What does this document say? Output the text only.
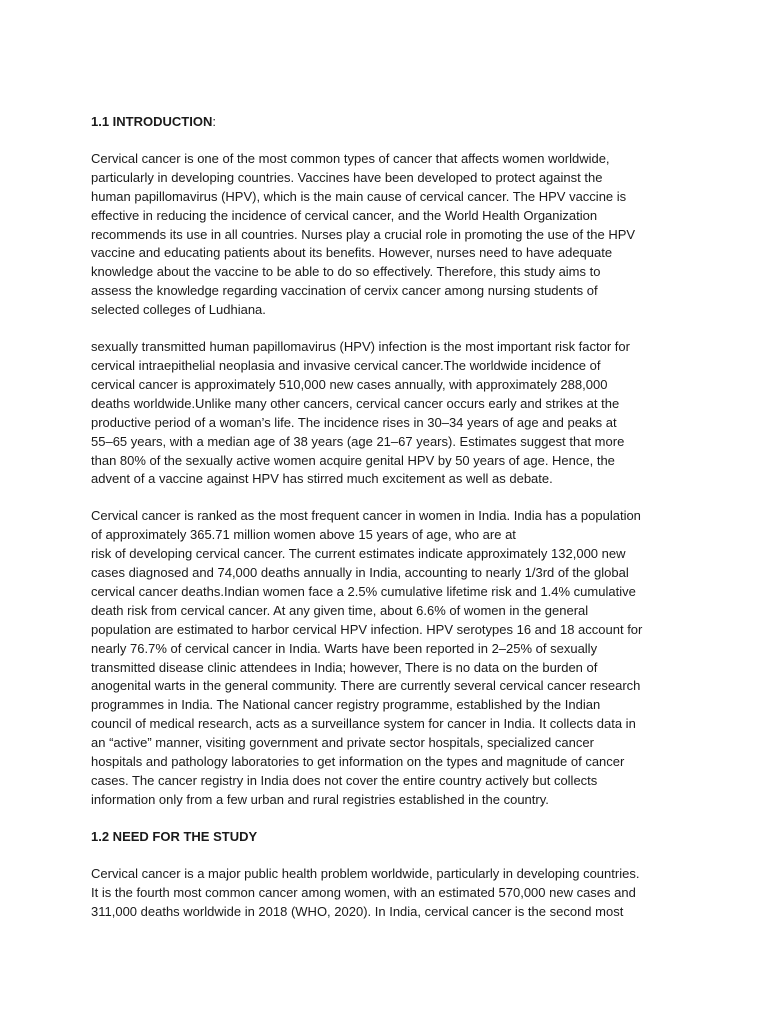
1.1 INTRODUCTION:

Cervical cancer is one of the most common types of cancer that affects women worldwide,
particularly in developing countries. Vaccines have been developed to protect against the
human papillomavirus (HPV), which is the main cause of cervical cancer. The HPV vaccine is
effective in reducing the incidence of cervical cancer, and the World Health Organization
recommends its use in all countries. Nurses play a crucial role in promoting the use of the HPV
vaccine and educating patients about its benefits. However, nurses need to have adequate
knowledge about the vaccine to be able to do so effectively. Therefore, this study aims to
assess the knowledge regarding vaccination of cervix cancer among nursing students of
selected colleges of Ludhiana.

sexually transmitted human papillomavirus (HPV) infection is the most important risk factor for
cervical intraepithelial neoplasia and invasive cervical cancer.The worldwide incidence of
cervical cancer is approximately 510,000 new cases annually, with approximately 288,000
deaths worldwide.Unlike many other cancers, cervical cancer occurs early and strikes at the
productive period of a woman’s life. The incidence rises in 30–34 years of age and peaks at
55–65 years, with a median age of 38 years (age 21–67 years). Estimates suggest that more
than 80% of the sexually active women acquire genital HPV by 50 years of age. Hence, the
advent of a vaccine against HPV has stirred much excitement as well as debate.

Cervical cancer is ranked as the most frequent cancer in women in India. India has a population
of approximately 365.71 million women above 15 years of age, who are at
risk of developing cervical cancer. The current estimates indicate approximately 132,000 new
cases diagnosed and 74,000 deaths annually in India, accounting to nearly 1/3rd of the global
cervical cancer deaths.Indian women face a 2.5% cumulative lifetime risk and 1.4% cumulative
death risk from cervical cancer. At any given time, about 6.6% of women in the general
population are estimated to harbor cervical HPV infection. HPV serotypes 16 and 18 account for
nearly 76.7% of cervical cancer in India. Warts have been reported in 2–25% of sexually
transmitted disease clinic attendees in India; however, There is no data on the burden of
anogenital warts in the general community. There are currently several cervical cancer research
programmes in India. The National cancer registry programme, established by the Indian
council of medical research, acts as a surveillance system for cancer in India. It collects data in
an “active” manner, visiting government and private sector hospitals, specialized cancer
hospitals and pathology laboratories to get information on the types and magnitude of cancer
cases. The cancer registry in India does not cover the entire country actively but collects
information only from a few urban and rural registries established in the country.

1.2 NEED FOR THE STUDY

Cervical cancer is a major public health problem worldwide, particularly in developing countries.
It is the fourth most common cancer among women, with an estimated 570,000 new cases and
311,000 deaths worldwide in 2018 (WHO, 2020). In India, cervical cancer is the second most
